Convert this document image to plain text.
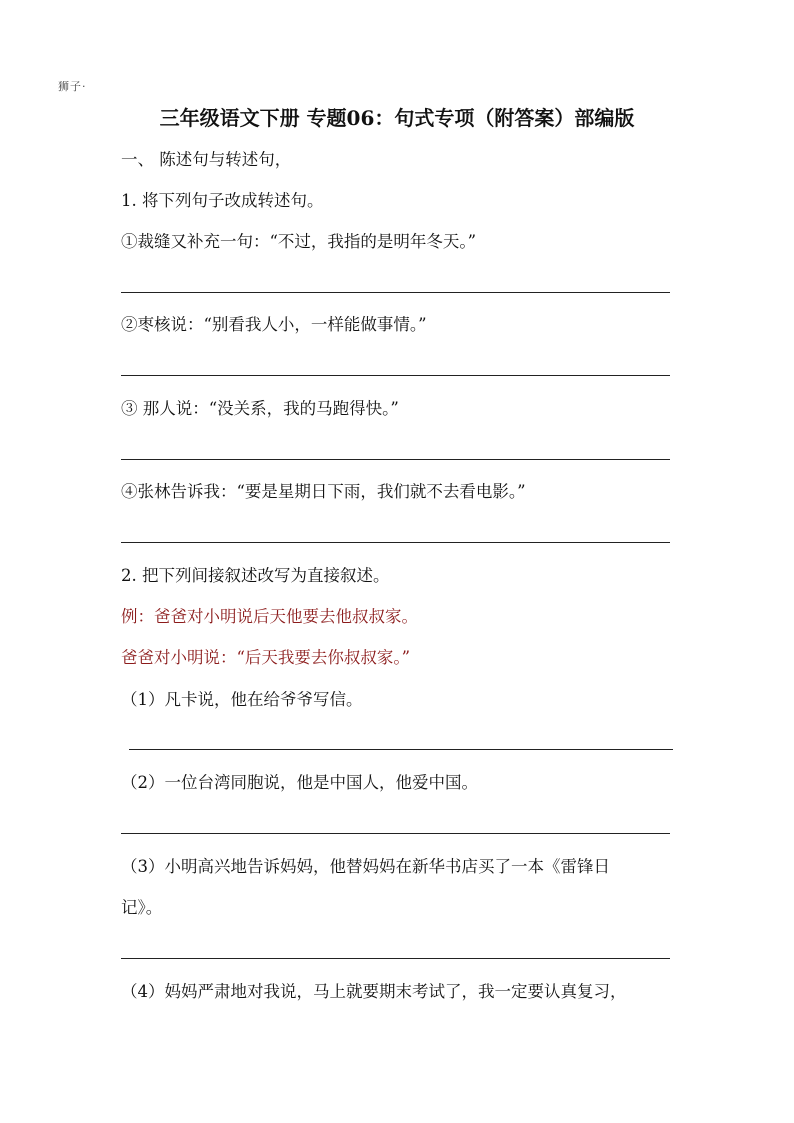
狮子·
三年级语文下册 专题06：句式专项（附答案）部编版
一、 陈述句与转述句，
1. 将下列句子改成转述句。
①裁缝又补充一句：“不过，我指的是明年冬天。”
②枣核说：“别看我人小，一样能做事情。”
③ 那人说：“没关系，我的马跑得快。”
④张林告诉我：“要是星期日下雨，我们就不去看电影。”
2. 把下列间接叙述改写为直接叙述。
例：爸爸对小明说后天他要去他叔叔家。
爸爸对小明说：“后天我要去你叔叔家。”
（1）凡卡说，他在给爷爷写信。
（2）一位台湾同胞说，他是中国人，他爱中国。
（3）小明高兴地告诉妈妈，他替妈妈在新华书店买了一本《雷锋日
记》。
（4）妈妈严肃地对我说，马上就要期末考试了，我一定要认真复习，
